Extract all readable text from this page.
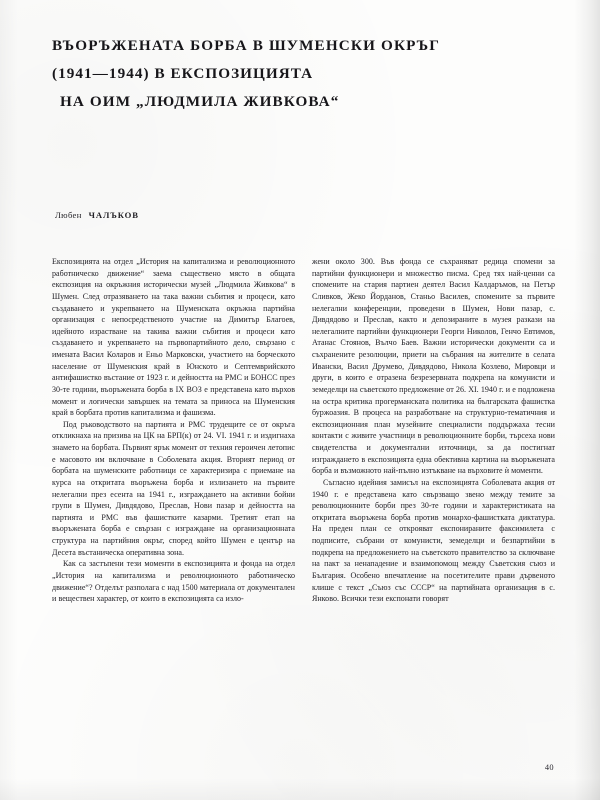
ВЪОРЪЖЕНАТА БОРБА В ШУМЕНСКИ ОКРЪГ
(1941—1944) В ЕКСПОЗИЦИЯТА
НА ОИМ „ЛЮДМИЛА ЖИВКОВА“
Любен ЧАЛЪКОВ

Експозицията на отдел „История на капитализма и революционното работническо движение“ заема съществено място в общата експозиция на окръжния исторически музей „Людмила Живкова“ в Шумен. След отразяването на така важни събития и процеси, като създаването и укрепването на Шуменската окръжна партийна организация с непосредственото участие на Димитър Благоев, идейното израстване на такива важни събития и процеси като създаването и укрепването на първопартийното дело, свързано с имената Васил Коларов и Еньо Марковски, участието на борческото население от Шуменския край в Юнското и Септемврийското антифашистко въстание от 1923 г. и дейността на РМС и БОНСС през 30-те години, въоръжената борба в IX ВОЗ е представена като върхов момент и логически завършек на темата за приноса на Шуменския край в борбата против капитализма и фашизма.

Под ръководството на партията и РМС трудещите се от окръга откликнаха на призива на ЦК на БРП(к) от 24. VI. 1941 г. и издигнаха знамето на борбата. Първият ярък момент от техния героичен летопис е масовото им включване в Соболевата акция. Вторият период от борбата на шуменските работници се характеризира с приемане на курса на откритата въоръжена борба и излизането на първите нелегални през есента на 1941 г., изграждането на активни бойни групи в Шумен, Дивдядово, Преслав, Нови пазар и дейността на партията и РМС във фашистките казарми. Третият етап на въоръжената борба е свързан с изграждане на организационната структура на партийния окръг, според който Шумен е център на Десета въстаническа оперативна зона.

Как са застъпени тези моменти в експозицията и фонда на отдел „История на капитализма и революционното работническо движение“? Отделът разполага с над 1500 материала от документален и веществен характер, от които в експозицията са изло-

жени около 300. Във фонда се съхраняват редица спомени за партийни функционери и множество писма. Сред тях най-ценни са спомените на стария партиен деятел Васил Калдаръмов, на Петър Сливков, Жеко Йорданов, Станьо Василев, спомените за първите нелегални конференции, проведени в Шумен, Нови пазар, с. Дивдядово и Преслав, както и депозираните в музея разкази на нелегалните партийни функционери Георги Николов, Генчо Евтимов, Атанас Стоянов, Вълчо Баев. Важни исторически документи са и съхранените резолюции, приети на събрания на жителите в селата Ивански, Васил Друмево, Дивдядово, Никола Козлево, Мировци и други, в които е отразена безрезервната подкрепа на комунисти и земеделци на съветското предложение от 26. XI. 1940 г. и е подложена на остра критика прогерманската политика на българската фашистка буржоазия. В процеса на разработване на структурно-тематичния и експозиционния план музейните специалисти поддържаха тесни контакти с живите участници в революционните борби, търсеха нови свидетелства и документални източници, за да постигнат изграждането в експозицията една обективна картина на въоръжената борба и възможното най-пълно изтъкване на върховите ѝ моменти.

Съгласно идейния замисъл на експозицията Соболевата акция от 1940 г. е представена като свързващо звено между темите за революционните борби през 30-те години и характеристиката на откритата въоръжена борба против монархо-фашистката диктатура. На преден план се открояват експонираните факсимилета с подписите, събрани от комунисти, земеделци и безпартийни в подкрепа на предложението на съветското правителство за сключване на пакт за ненападение и взаимопомощ между Съветския съюз и България. Особено впечатление на посетителите прави дървеното клише с текст „Съюз със СССР“ на партийната организация в с. Янково. Всички тези експонати говорят

40
